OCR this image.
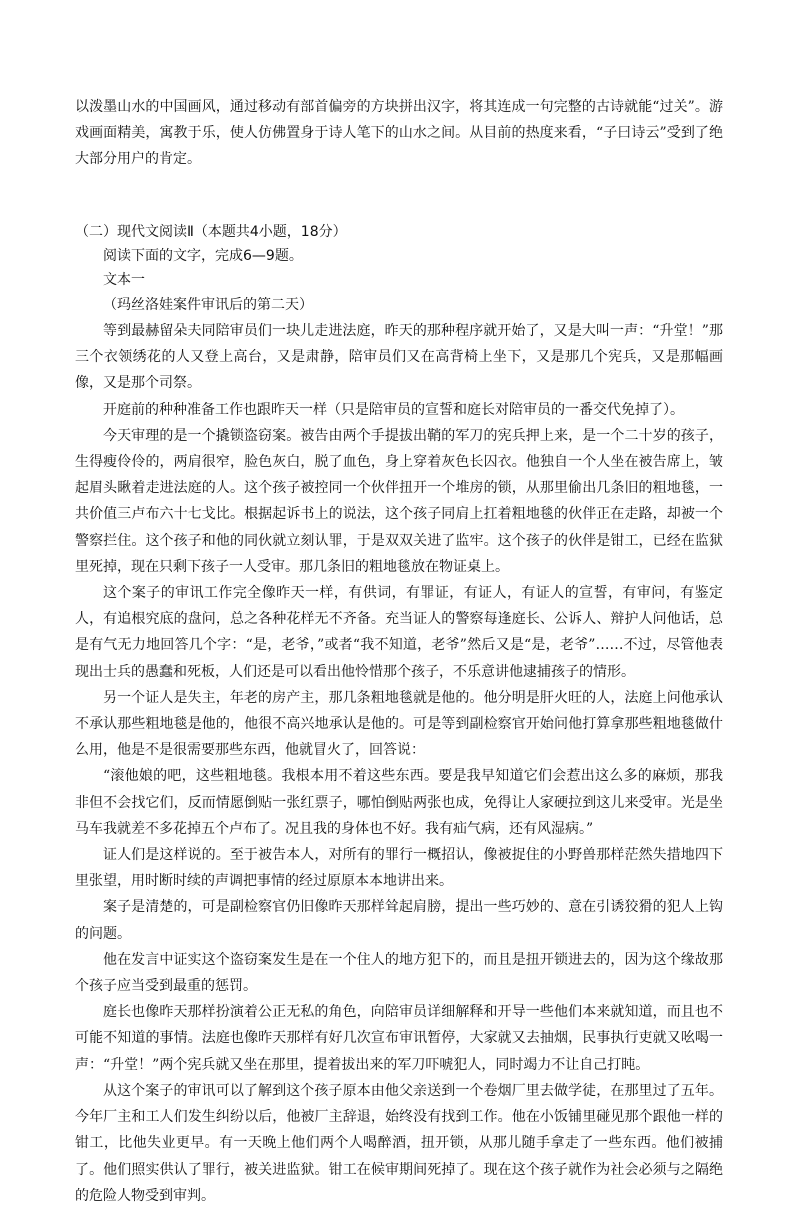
以泼墨山水的中国画风，通过移动有部首偏旁的方块拼出汉字，将其连成一句完整的古诗就能“过关”。游戏画面精美，寓教于乐，使人仿佛置身于诗人笔下的山水之间。从目前的热度来看，“子曰诗云”受到了绝大部分用户的肯定。

（二）现代文阅读Ⅱ（本题共4小题，18分）

阅读下面的文字，完成6—9题。

文本一

（玛丝洛娃案件审讯后的第二天）

等到最赫留朵夫同陪审员们一块儿走进法庭，昨天的那种程序就开始了，又是大叫一声：“升堂！”那三个衣领绣花的人又登上高台，又是肃静，陪审员们又在高背椅上坐下，又是那几个宪兵，又是那幅画像，又是那个司祭。

开庭前的种种准备工作也跟昨天一样（只是陪审员的宣誓和庭长对陪审员的一番交代免掉了）。

今天审理的是一个撬锁盗窃案。被告由两个手提拔出鞘的军刀的宪兵押上来，是一个二十岁的孩子，生得瘦伶伶的，两肩很窄，脸色灰白，脱了血色，身上穿着灰色长囚衣。他独自一个人坐在被告席上，皱起眉头瞅着走进法庭的人。这个孩子被控同一个伙伴扭开一个堆房的锁，从那里偷出几条旧的粗地毯，一共价值三卢布六十七戈比。根据起诉书上的说法，这个孩子同肩上扛着粗地毯的伙伴正在走路，却被一个警察拦住。这个孩子和他的同伙就立刻认罪，于是双双关进了监牢。这个孩子的伙伴是钳工，已经在监狱里死掉，现在只剩下孩子一人受审。那几条旧的粗地毯放在物证桌上。

这个案子的审讯工作完全像昨天一样，有供词，有罪证，有证人，有证人的宣誓，有审问，有鉴定人，有追根究底的盘问，总之各种花样无不齐备。充当证人的警察每逢庭长、公诉人、辩护人问他话，总是有气无力地回答几个字：“是，老爷，”或者“我不知道，老爷”然后又是“是，老爷”……不过，尽管他表现出士兵的愚蠢和死板，人们还是可以看出他怜惜那个孩子，不乐意讲他逮捕孩子的情形。

另一个证人是失主，年老的房产主，那几条粗地毯就是他的。他分明是肝火旺的人，法庭上问他承认不承认那些粗地毯是他的，他很不高兴地承认是他的。可是等到副检察官开始问他打算拿那些粗地毯做什么用，他是不是很需要那些东西，他就冒火了，回答说：

“滚他娘的吧，这些粗地毯。我根本用不着这些东西。要是我早知道它们会惹出这么多的麻烦，那我非但不会找它们，反而情愿倒贴一张红票子，哪怕倒贴两张也成，免得让人家硬拉到这儿来受审。光是坐马车我就差不多花掉五个卢布了。况且我的身体也不好。我有疝气病，还有风湿病。”

证人们是这样说的。至于被告本人，对所有的罪行一概招认，像被捉住的小野兽那样茫然失措地四下里张望，用时断时续的声调把事情的经过原原本本地讲出来。

案子是清楚的，可是副检察官仍旧像昨天那样耸起肩膀，提出一些巧妙的、意在引诱狡猾的犯人上钩的问题。

他在发言中证实这个盗窃案发生是在一个住人的地方犯下的，而且是扭开锁进去的，因为这个缘故那个孩子应当受到最重的惩罚。

庭长也像昨天那样扮演着公正无私的角色，向陪审员详细解释和开导一些他们本来就知道，而且也不可能不知道的事情。法庭也像昨天那样有好几次宣布审讯暂停，大家就又去抽烟，民事执行吏就又吆喝一声：“升堂！”两个宪兵就又坐在那里，提着拔出来的军刀吓唬犯人，同时竭力不让自己打盹。

从这个案子的审讯可以了解到这个孩子原本由他父亲送到一个卷烟厂里去做学徒，在那里过了五年。今年厂主和工人们发生纠纷以后，他被厂主辞退，始终没有找到工作。他在小饭铺里碰见那个跟他一样的钳工，比他失业更早。有一天晚上他们两个人喝醉酒，扭开锁，从那儿随手拿走了一些东西。他们被捕了。他们照实供认了罪行，被关进监狱。钳工在候审期间死掉了。现在这个孩子就作为社会必须与之隔绝的危险人物受到审判。
